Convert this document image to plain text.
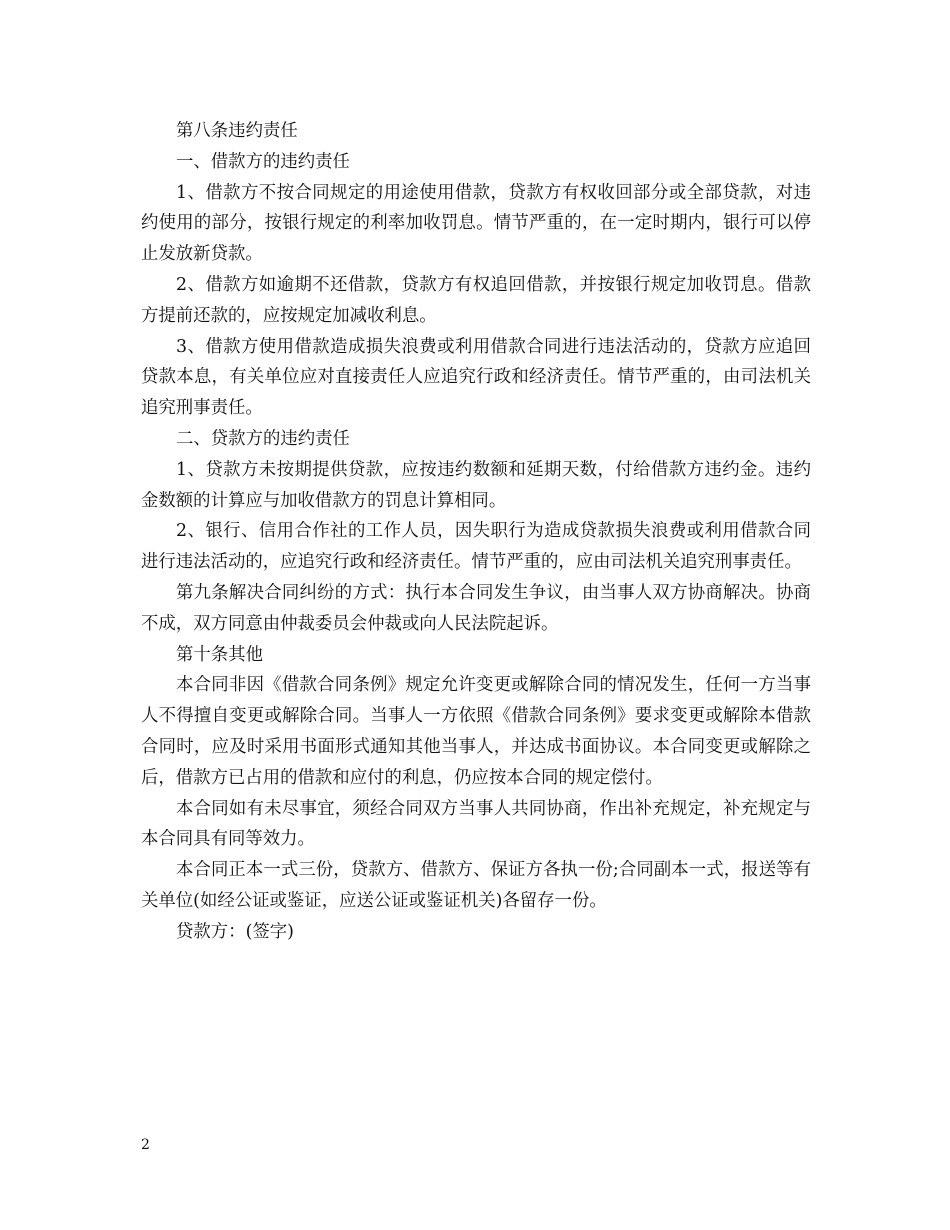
第八条违约责任

一、借款方的违约责任

1、借款方不按合同规定的用途使用借款，贷款方有权收回部分或全部贷款，对违约使用的部分，按银行规定的利率加收罚息。情节严重的，在一定时期内，银行可以停止发放新贷款。

2、借款方如逾期不还借款，贷款方有权追回借款，并按银行规定加收罚息。借款方提前还款的，应按规定加减收利息。

3、借款方使用借款造成损失浪费或利用借款合同进行违法活动的，贷款方应追回贷款本息，有关单位应对直接责任人应追究行政和经济责任。情节严重的，由司法机关追究刑事责任。

二、贷款方的违约责任

1、贷款方未按期提供贷款，应按违约数额和延期天数，付给借款方违约金。违约金数额的计算应与加收借款方的罚息计算相同。

2、银行、信用合作社的工作人员，因失职行为造成贷款损失浪费或利用借款合同进行违法活动的，应追究行政和经济责任。情节严重的，应由司法机关追究刑事责任。

第九条解决合同纠纷的方式：执行本合同发生争议，由当事人双方协商解决。协商不成，双方同意由仲裁委员会仲裁或向人民法院起诉。

第十条其他

本合同非因《借款合同条例》规定允许变更或解除合同的情况发生，任何一方当事人不得擅自变更或解除合同。当事人一方依照《借款合同条例》要求变更或解除本借款合同时，应及时采用书面形式通知其他当事人，并达成书面协议。本合同变更或解除之后，借款方已占用的借款和应付的利息，仍应按本合同的规定偿付。

本合同如有未尽事宜，须经合同双方当事人共同协商，作出补充规定，补充规定与本合同具有同等效力。

本合同正本一式三份，贷款方、借款方、保证方各执一份;合同副本一式，报送等有关单位(如经公证或鉴证，应送公证或鉴证机关)各留存一份。

贷款方：(签字)

2
